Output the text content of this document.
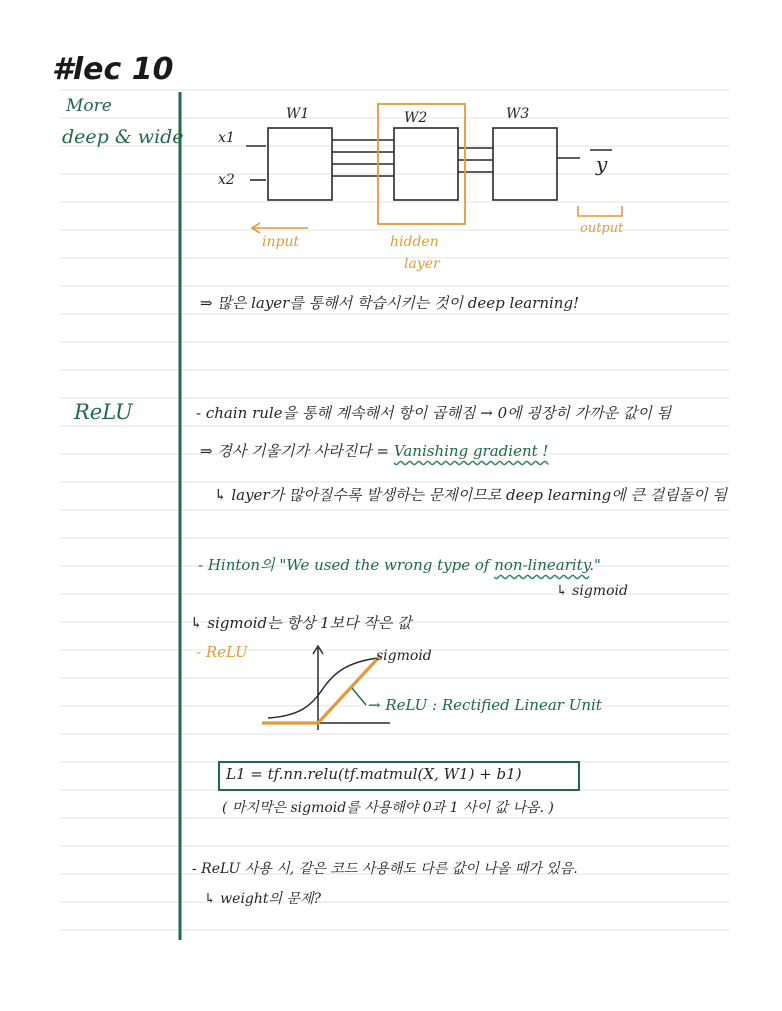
#lec 10
More
deep & wide
ReLU
x1
x2
W1	W2	W3
y
input	hidden
layer
output
⇒ 많은 layer를 통해서 학습시키는 것이 deep learning!
- chain rule을 통해 계속해서 항이 곱해짐 → 0에 굉장히 가까운 값이 됨
⇒ 경사 기울기가 사라진다 = Vanishing gradient !
↳ layer가 많아질수록 발생하는 문제이므로 deep learning에 큰 걸림돌이 됨
- Hinton의 "We used the wrong type of non-linearity."
↳ sigmoid
↳ sigmoid는 항상 1보다 작은 값
- ReLU	sigmoid
→ ReLU : Rectified Linear Unit
L1 = tf.nn.relu(tf.matmul(X, W1) + b1)
( 마지막은 sigmoid를 사용해야 0과 1 사이 값 나옴. )
- ReLU 사용 시, 같은 코드 사용해도 다른 값이 나올 때가 있음.
↳ weight의 문제?
